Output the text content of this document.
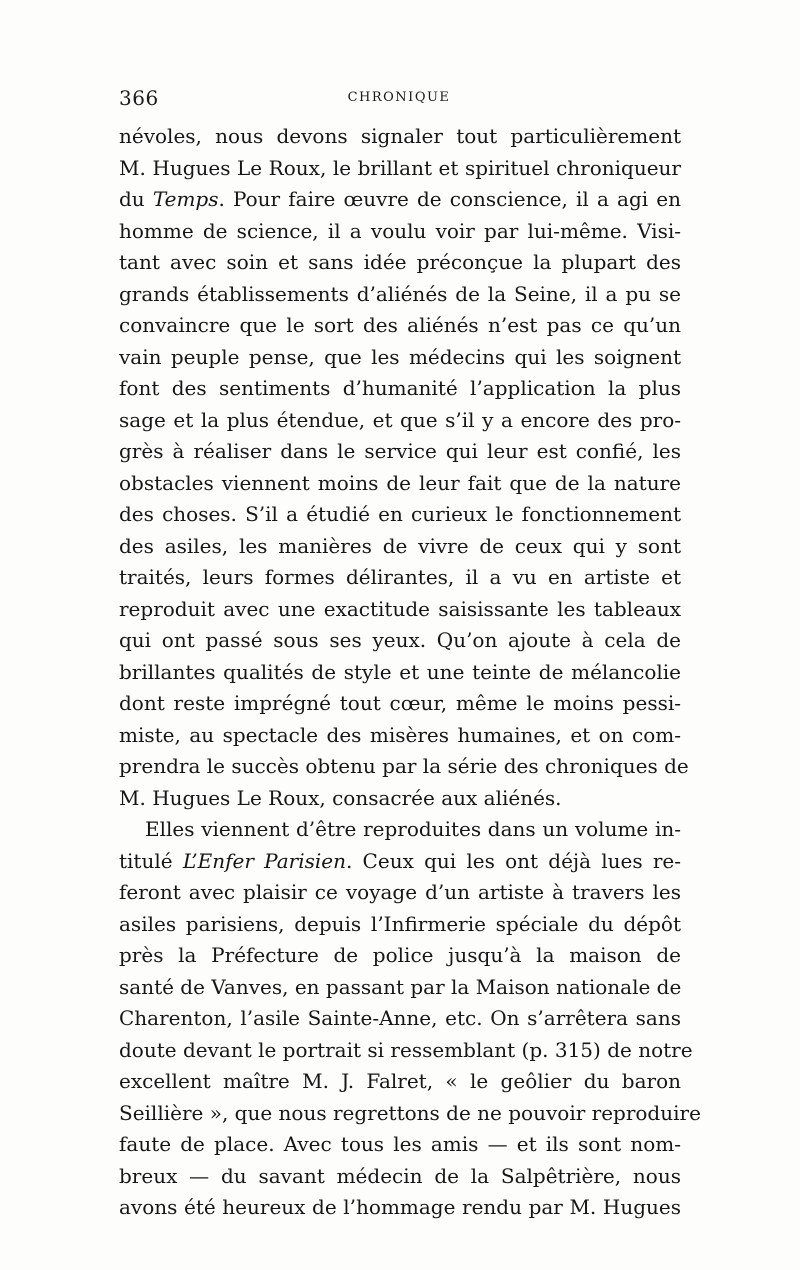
366	CHRONIQUE
névoles, nous devons signaler tout particulièrement
M. Hugues Le Roux, le brillant et spirituel chroniqueur
du Temps. Pour faire œuvre de conscience, il a agi en
homme de science, il a voulu voir par lui-même. Visi-
tant avec soin et sans idée préconçue la plupart des
grands établissements d’aliénés de la Seine, il a pu se
convaincre que le sort des aliénés n’est pas ce qu’un
vain peuple pense, que les médecins qui les soignent
font des sentiments d’humanité l’application la plus
sage et la plus étendue, et que s’il y a encore des pro-
grès à réaliser dans le service qui leur est confié, les
obstacles viennent moins de leur fait que de la nature
des choses. S’il a étudié en curieux le fonctionnement
des asiles, les manières de vivre de ceux qui y sont
traités, leurs formes délirantes, il a vu en artiste et
reproduit avec une exactitude saisissante les tableaux
qui ont passé sous ses yeux. Qu’on ajoute à cela de
brillantes qualités de style et une teinte de mélancolie
dont reste imprégné tout cœur, même le moins pessi-
miste, au spectacle des misères humaines, et on com-
prendra le succès obtenu par la série des chroniques de
M. Hugues Le Roux, consacrée aux aliénés.
Elles viennent d’être reproduites dans un volume in-
titulé L’Enfer Parisien. Ceux qui les ont déjà lues re-
feront avec plaisir ce voyage d’un artiste à travers les
asiles parisiens, depuis l’Infirmerie spéciale du dépôt
près la Préfecture de police jusqu’à la maison de
santé de Vanves, en passant par la Maison nationale de
Charenton, l’asile Sainte-Anne, etc. On s’arrêtera sans
doute devant le portrait si ressemblant (p. 315) de notre
excellent maître M. J. Falret, « le geôlier du baron
Seillière », que nous regrettons de ne pouvoir reproduire
faute de place. Avec tous les amis — et ils sont nom-
breux — du savant médecin de la Salpêtrière, nous
avons été heureux de l’hommage rendu par M. Hugues
